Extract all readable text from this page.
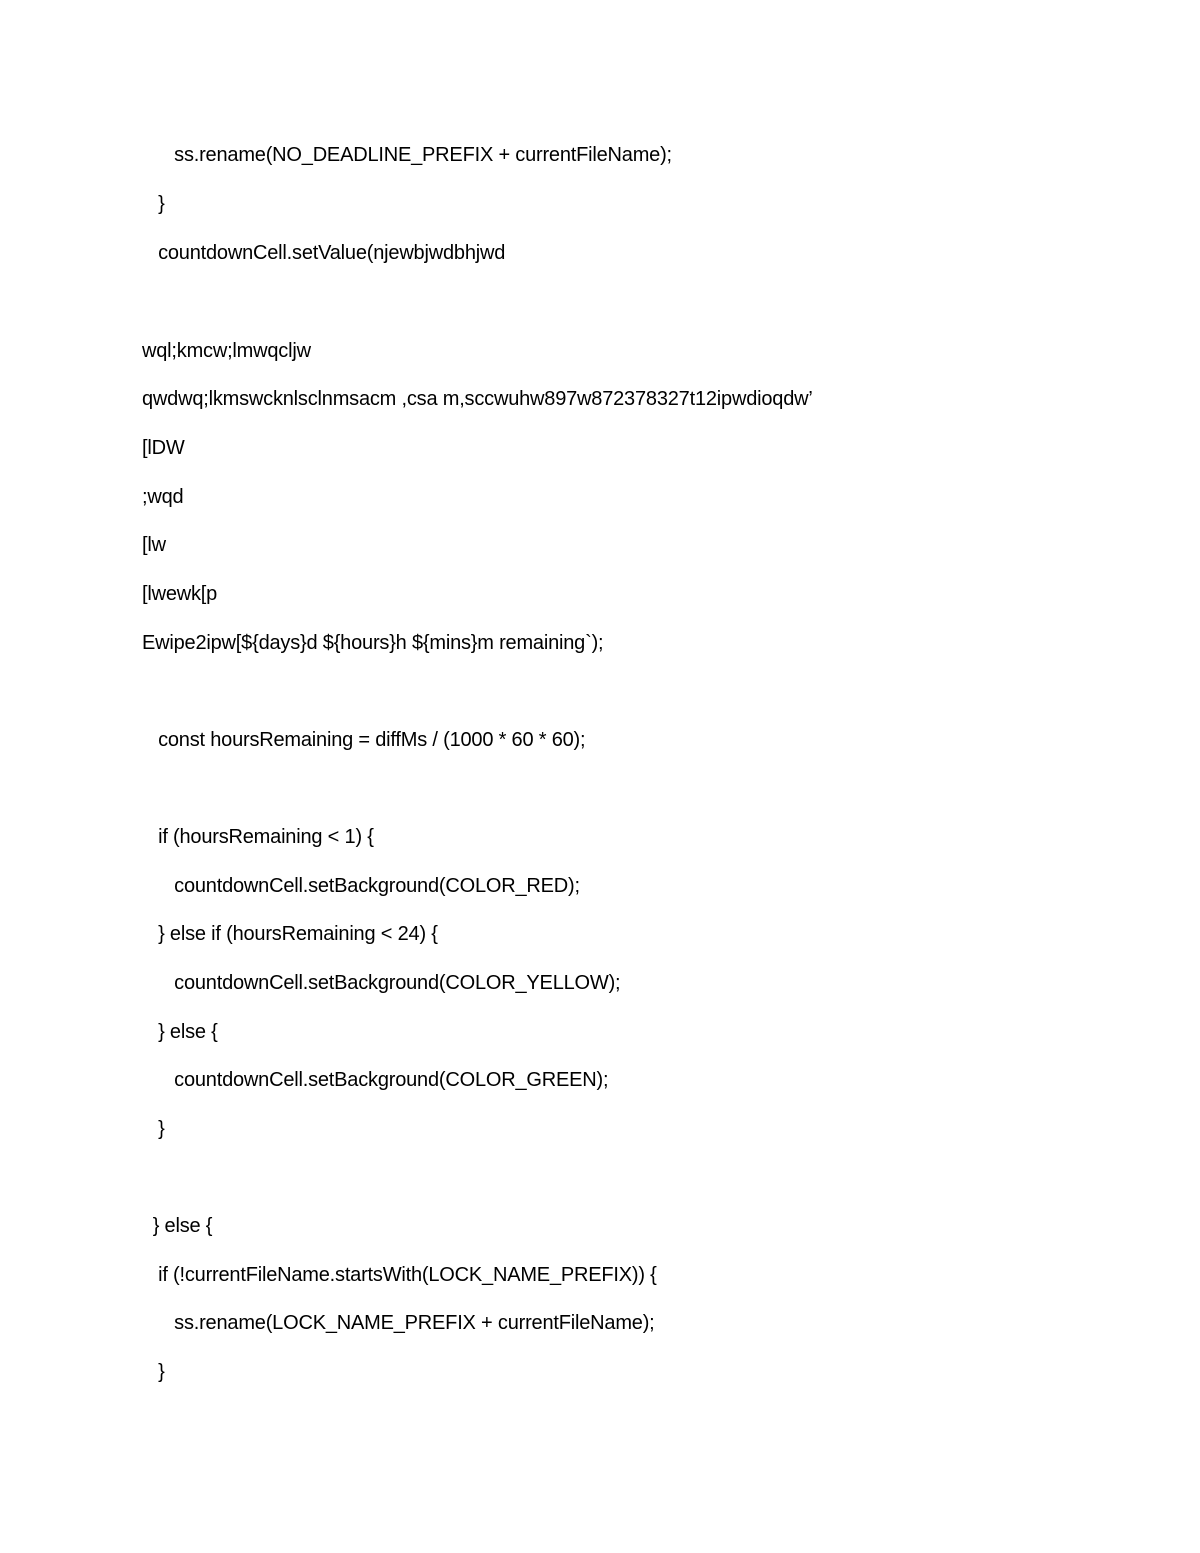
ss.rename(NO_DEADLINE_PREFIX + currentFileName);
}
countdownCell.setValue(njewbjwdbhjwd
wql;kmcw;lmwqcljw
qwdwq;lkmswcknlsclnmsacm ,csa m,sccwuhw897w872378327t12ipwdioqdw’
[lDW
;wqd
[lw
[lwewk[p
Ewipe2ipw[${days}d ${hours}h ${mins}m remaining`);
const hoursRemaining = diffMs / (1000 * 60 * 60);
if (hoursRemaining < 1) {
countdownCell.setBackground(COLOR_RED);
} else if (hoursRemaining < 24) {
countdownCell.setBackground(COLOR_YELLOW);
} else {
countdownCell.setBackground(COLOR_GREEN);
}
} else {
if (!currentFileName.startsWith(LOCK_NAME_PREFIX)) {
ss.rename(LOCK_NAME_PREFIX + currentFileName);
}
